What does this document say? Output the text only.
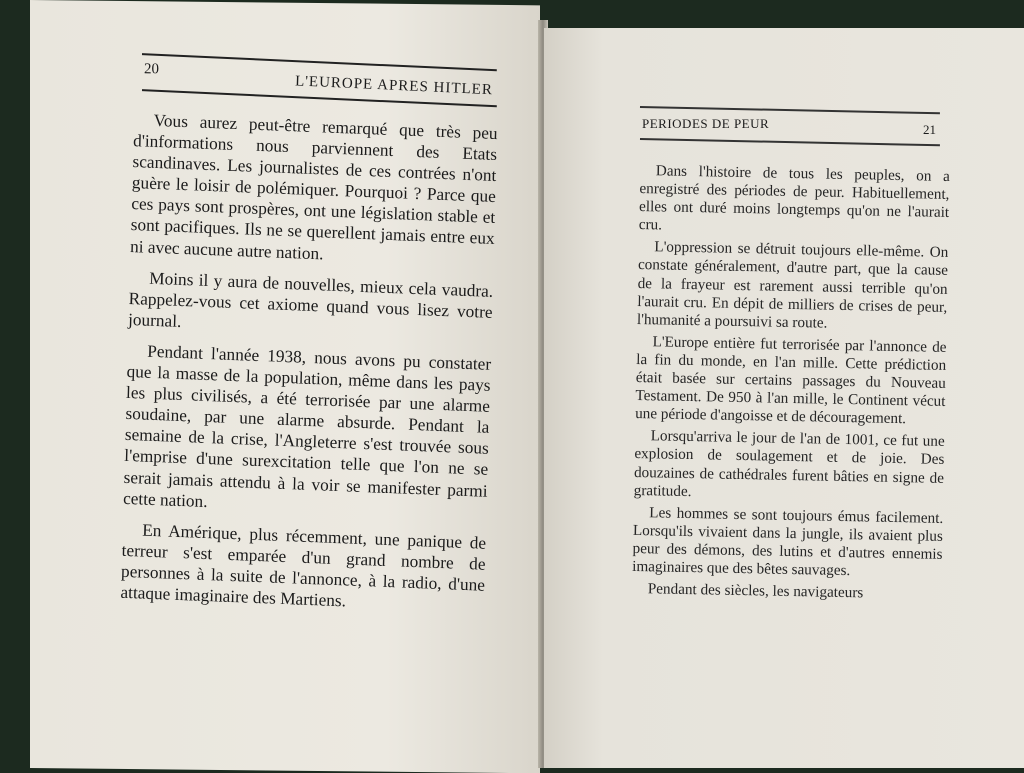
20
L'EUROPE APRES HITLER

Vous aurez peut-être remarqué que très peu d'informations nous parviennent des Etats scandinaves. Les journalistes de ces contrées n'ont guère le loisir de polémiquer. Pourquoi ? Parce que ces pays sont prospères, ont une législation stable et sont pacifiques. Ils ne se querellent jamais entre eux ni avec aucune autre nation.

Moins il y aura de nouvelles, mieux cela vaudra. Rappelez-vous cet axiome quand vous lisez votre journal.

Pendant l'année 1938, nous avons pu constater que la masse de la population, même dans les pays les plus civilisés, a été terrorisée par une alarme soudaine, par une alarme absurde. Pendant la semaine de la crise, l'Angleterre s'est trouvée sous l'emprise d'une surexcitation telle que l'on ne se serait jamais attendu à la voir se manifester parmi cette nation.

En Amérique, plus récemment, une panique de terreur s'est emparée d'un grand nombre de personnes à la suite de l'annonce, à la radio, d'une attaque imaginaire des Martiens.

PERIODES DE PEUR	21

Dans l'histoire de tous les peuples, on a enregistré des périodes de peur. Habituellement, elles ont duré moins longtemps qu'on ne l'aurait cru.

L'oppression se détruit toujours elle-même. On constate généralement, d'autre part, que la cause de la frayeur est rarement aussi terrible qu'on l'aurait cru. En dépit de milliers de crises de peur, l'humanité a poursuivi sa route.

L'Europe entière fut terrorisée par l'annonce de la fin du monde, en l'an mille. Cette prédiction était basée sur certains passages du Nouveau Testament. De 950 à l'an mille, le Continent vécut une période d'angoisse et de découragement.

Lorsqu'arriva le jour de l'an de 1001, ce fut une explosion de soulagement et de joie. Des douzaines de cathédrales furent bâties en signe de gratitude.

Les hommes se sont toujours émus facilement. Lorsqu'ils vivaient dans la jungle, ils avaient plus peur des démons, des lutins et d'autres ennemis imaginaires que des bêtes sauvages.

Pendant des siècles, les navigateurs
